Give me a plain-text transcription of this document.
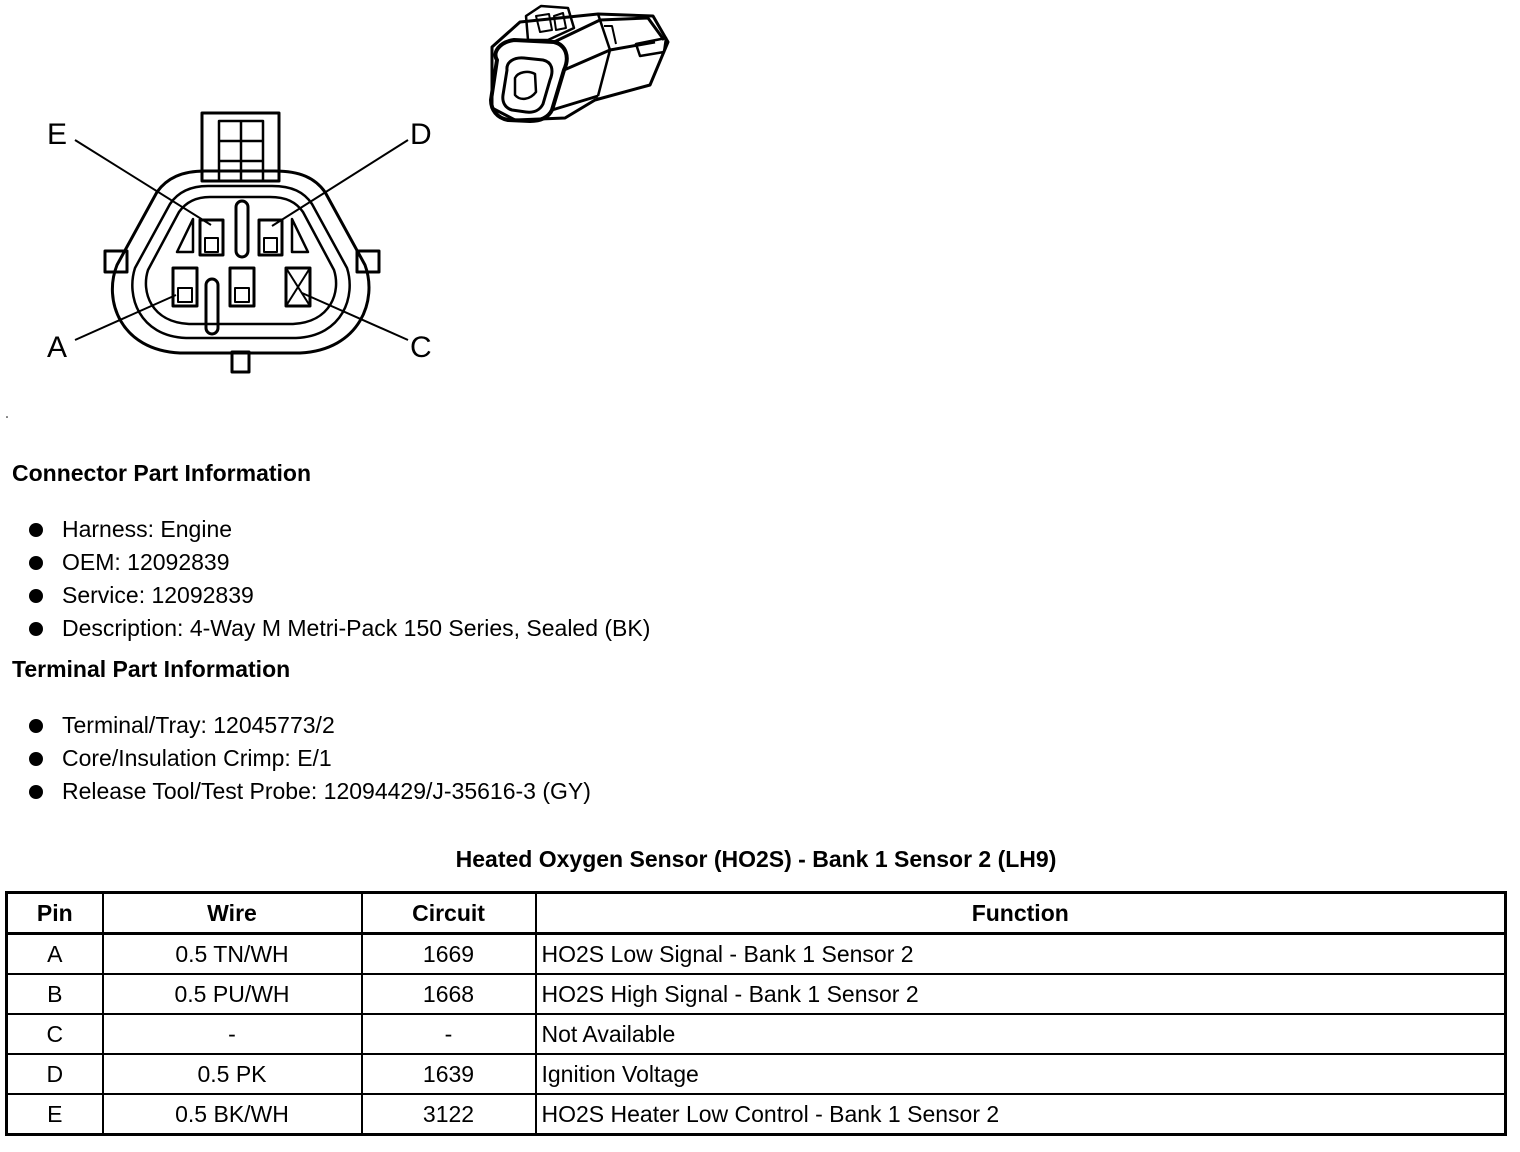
E	D
A	C
Connector Part Information
Harness: Engine
OEM: 12092839
Service: 12092839
Description: 4-Way M Metri-Pack 150 Series, Sealed (BK)
Terminal Part Information
Terminal/Tray: 12045773/2
Core/Insulation Crimp: E/1
Release Tool/Test Probe: 12094429/J-35616-3 (GY)
Heated Oxygen Sensor (HO2S) - Bank 1 Sensor 2 (LH9)
Pin	Wire	Circuit	Function
A	0.5 TN/WH	1669	HO2S Low Signal - Bank 1 Sensor 2
B	0.5 PU/WH	1668	HO2S High Signal - Bank 1 Sensor 2
C	-	-	Not Available
D	0.5 PK	1639	Ignition Voltage
E	0.5 BK/WH	3122	HO2S Heater Low Control - Bank 1 Sensor 2
